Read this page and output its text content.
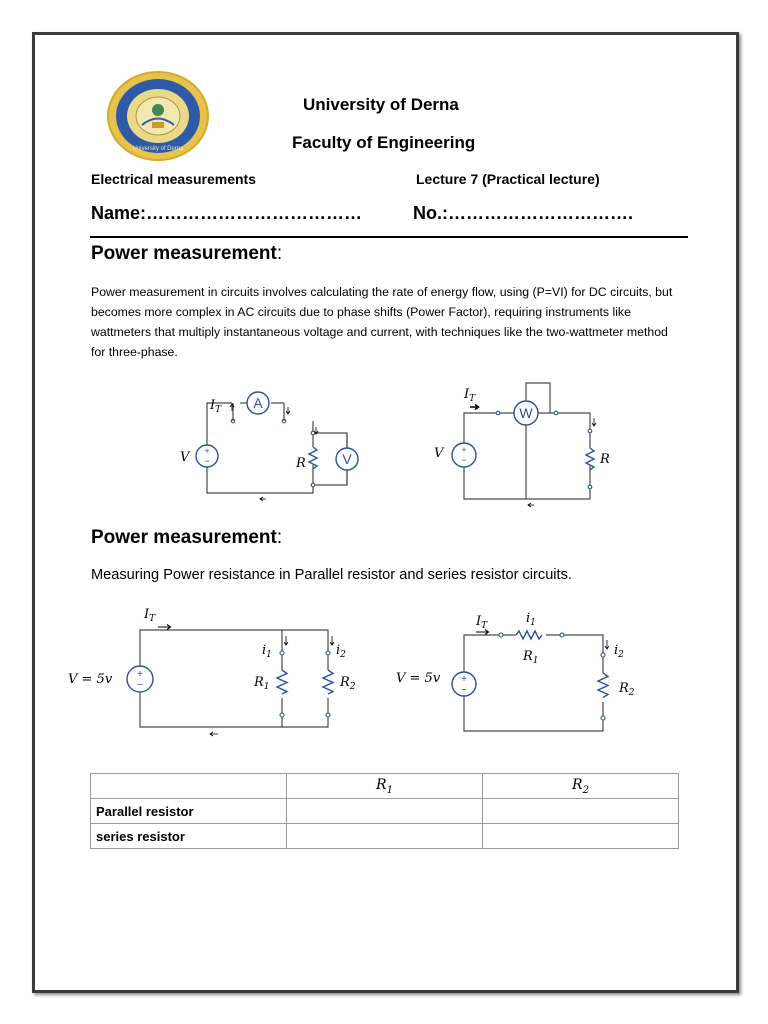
University of Derna
University of Derna
Faculty of Engineering
Electrical measurements	Lecture 7 (Practical lecture)
Name:………………………………	No.:………………………….
Power measurement:
Power measurement in circuits involves calculating the rate of energy flow, using (P=VI) for DC circuits, but becomes more complex in AC circuits due to phase shifts (Power Factor), requiring instruments like wattmeters that multiply instantaneous voltage and current, with techniques like the two-wattmeter method for three-phase.
A
+
−	V
V	R
$I_T$	W
+
−
V	R
$I_T$
Power measurement:
Measuring Power resistance in Parallel resistor and series resistor circuits.
+
−
V = 5v
$I_T$
$i_1$	$i_2$
$R_1$	$R_2$
+
−
V = 5v
$I_T$	$i_1$
$R_1$
$i_2$
$R_2$
	$R_1$	$R_2$
Parallel resistor		
series resistor		
